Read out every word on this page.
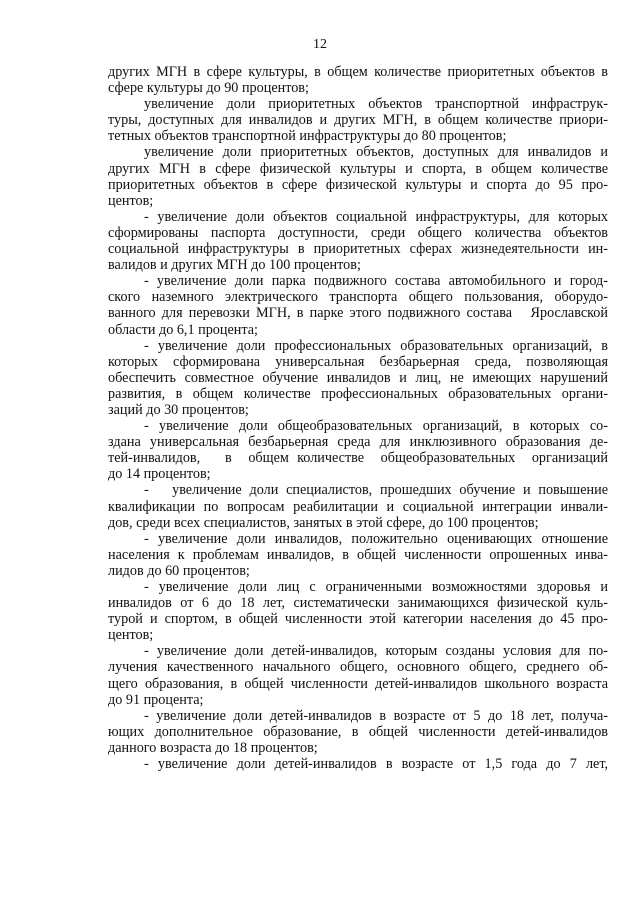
12
других МГН в сфере культуры, в общем количестве приоритетных объектов в
сфере культуры до 90 процентов;
увеличение доли приоритетных объектов транспортной инфраструк-
туры, доступных для инвалидов и других МГН, в общем количестве приори-
тетных объектов транспортной инфраструктуры до 80 процентов;
увеличение доли приоритетных объектов, доступных для инвалидов и
других МГН в сфере физической культуры и спорта, в общем количестве
приоритетных объектов в сфере физической культуры и спорта до 95 про-
центов;
- увеличение доли объектов социальной инфраструктуры, для которых
сформированы паспорта доступности, среди общего количества объектов
социальной инфраструктуры в приоритетных сферах жизнедеятельности ин-
валидов и других МГН до 100 процентов;
- увеличение доли парка подвижного состава автомобильного и город-
ского наземного электрического транспорта общего пользования, оборудо-
ванного для перевозки МГН, в парке этого подвижного состава   Ярославской
области до 6,1 процента;
- увеличение доли профессиональных образовательных организаций, в
которых сформирована универсальная безбарьерная среда, позволяющая
обеспечить совместное обучение инвалидов и лиц, не имеющих нарушений
развития, в общем количестве профессиональных образовательных органи-
заций до 30 процентов;
- увеличение доли общеобразовательных организаций, в которых со-
здана универсальная безбарьерная среда для инклюзивного образования де-
тей-инвалидов,   в  общем количестве  общеобразовательных  организаций
до 14 процентов;
-   увеличение доли специалистов, прошедших обучение и повышение
квалификации по вопросам реабилитации и социальной интеграции инвали-
дов, среди всех специалистов, занятых в этой сфере, до 100 процентов;
- увеличение доли инвалидов, положительно оценивающих отношение
населения к проблемам инвалидов, в общей численности опрошенных инва-
лидов до 60 процентов;
- увеличение доли лиц с ограниченными возможностями здоровья и
инвалидов от 6 до 18 лет, систематически занимающихся физической куль-
турой и спортом, в общей численности этой категории населения до 45 про-
центов;
- увеличение доли детей-инвалидов, которым созданы условия для по-
лучения качественного начального общего, основного общего, среднего об-
щего образования, в общей численности детей-инвалидов школьного возраста
до 91 процента;
- увеличение доли детей-инвалидов в возрасте от 5 до 18 лет, получа-
ющих дополнительное образование, в общей численности детей-инвалидов
данного возраста до 18 процентов;
- увеличение доли детей-инвалидов в возрасте от 1,5 года до 7 лет,
